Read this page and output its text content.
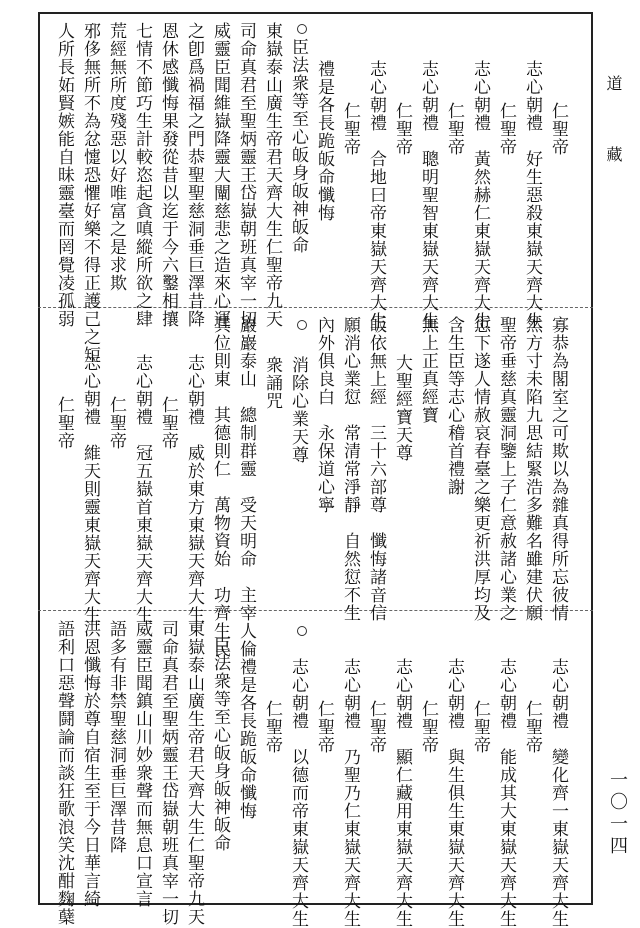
道 藏
一〇一四
仁聖帝
志心朝禮　好生惡殺東嶽天齊大生
仁聖帝
志心朝禮　黃然赫仁東嶽天齊大生
仁聖帝
志心朝禮　聰明聖智東嶽天齊大生
仁聖帝
志心朝禮　合地曰帝東嶽天齊大生
仁聖帝
禮是各長跪皈命懺悔
臣法衆等至心皈身皈神皈命
東嶽泰山廣生帝君天齊大生仁聖帝九天
司命真君至聖炳靈王岱嶽朝班真宰一切
威靈臣聞維嶽降靈大闡慈悲之造來心運
之卽爲禍福之門恭聖聖慈洞垂巨澤昔降
恩休感懺悔果發從昔以迄于今六鑿相攘
七情不節巧生計較恣起貪嗔縱所欲之肆
荒經無所度殘惡以好唯富之是求欺
邪侈無所不為忿懥恐懼好樂不得正護己之短
人所長妬賢嫉能自昧靈臺而罔覺凌孤弱
寡恭為閣室之可欺以為雜真得所忘彼情
然方寸未陷九思結緊浩多難名雖建伏願
聖帝垂慈真靈洞鑒上子仁意赦諸心業之
愆下遂人情赦哀春臺之樂更祈洪厚均及
含生臣等志心稽首禮謝
無上正真經寶
大聖經寶天尊
皈依無上經　三十六部尊　懺悔諸音信
願消心業愆　常清常淨靜　自然愆不生
內外俱良白　永保道心寧
消除心業天尊
衆誦咒
巖巖泰山　總制群靈　受天明命　主宰人倫
其位則東　其德則仁　萬物資始　功齊生民
志心朝禮　威於東方東嶽天齊大生
仁聖帝
志心朝禮　冠五嶽首東嶽天齊大生
仁聖帝
志心朝禮　維天則靈東嶽天齊大生
仁聖帝
志心朝禮　變化齊一東嶽天齊大生
仁聖帝
志心朝禮　能成其大東嶽天齊大生
仁聖帝
志心朝禮　與生俱生東嶽天齊大生
仁聖帝
志心朝禮　顯仁藏用東嶽天齊大生
仁聖帝
志心朝禮　乃聖乃仁東嶽天齊大生
仁聖帝
志心朝禮　以德而帝東嶽天齊大生
仁聖帝
禮是各長跪皈命懺悔
臣法衆等至心皈身皈神皈命
東嶽泰山廣生帝君天齊大生仁聖帝九天
司命真君至聖炳靈王岱嶽朝班真宰一切
威靈臣聞鎮山川妙衆聲而無息口宣言
語多有非禁聖慈洞垂巨澤昔降
洪恩懺悔於尊自宿生至于今日華言綺
語利口惡聲鬪論而談狂歌浪笑沈酣麴蘖
